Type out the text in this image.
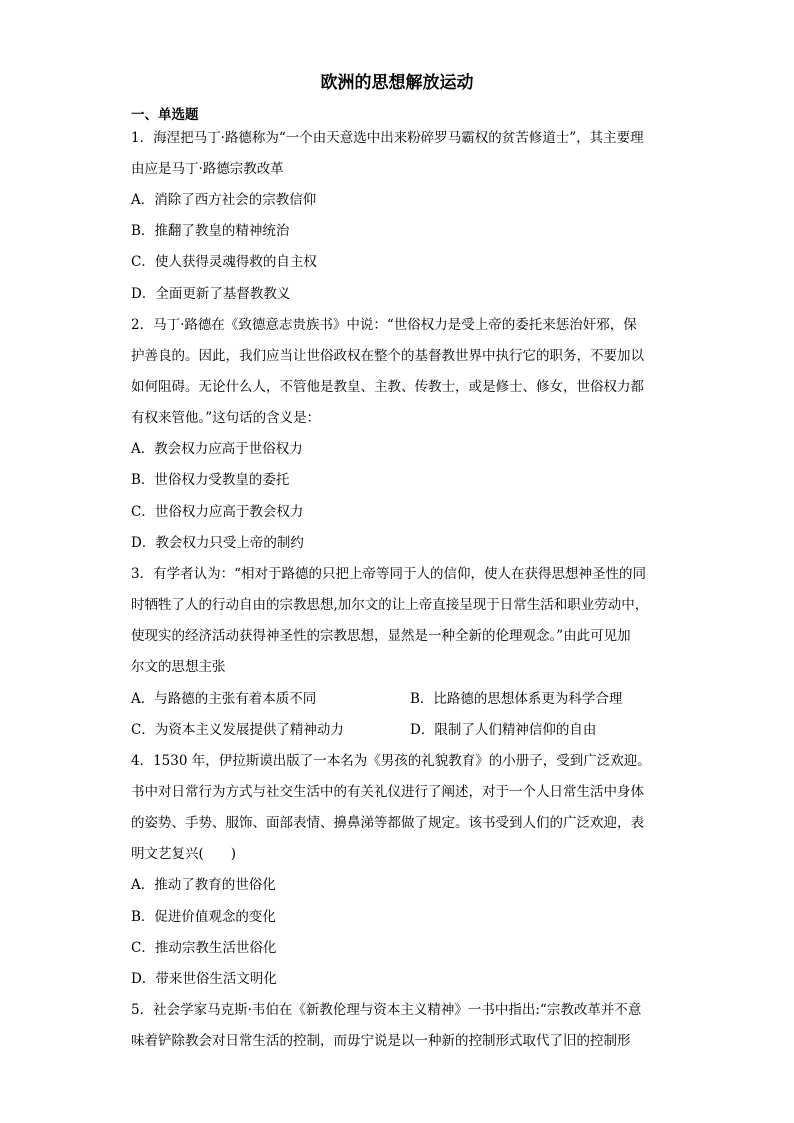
欧洲的思想解放运动
一、单选题
1．海涅把马丁·路德称为“一个由天意选中出来粉碎罗马霸权的贫苦修道士”，其主要理
由应是马丁·路德宗教改革
A．消除了西方社会的宗教信仰
B．推翻了教皇的精神统治
C．使人获得灵魂得救的自主权
D．全面更新了基督教教义
2．马丁·路德在《致德意志贵族书》中说：“世俗权力是受上帝的委托来惩治奸邪，保
护善良的。因此，我们应当让世俗政权在整个的基督教世界中执行它的职务，不要加以
如何阻碍。无论什么人，不管他是教皇、主教、传教士，或是修士、修女，世俗权力都
有权来管他。”这句话的含义是：
A．教会权力应高于世俗权力
B．世俗权力受教皇的委托
C．世俗权力应高于教会权力
D．教会权力只受上帝的制约
3．有学者认为：“相对于路德的只把上帝等同于人的信仰，使人在获得思想神圣性的同
时牺牲了人的行动自由的宗教思想,加尔文的让上帝直接呈现于日常生活和职业劳动中，
使现实的经济活动获得神圣性的宗教思想，显然是一种全新的伦理观念。”由此可见加
尔文的思想主张
A．与路德的主张有着本质不同	B．比路德的思想体系更为科学合理
C．为资本主义发展提供了精神动力	D．限制了人们精神信仰的自由
4．1530 年，伊拉斯谟出版了一本名为《男孩的礼貌教育》的小册子，受到广泛欢迎。
书中对日常行为方式与社交生活中的有关礼仪进行了阐述，对于一个人日常生活中身体
的姿势、手势、服饰、面部表情、擤鼻涕等都做了规定。该书受到人们的广泛欢迎，表
明文艺复兴(　　)
A．推动了教育的世俗化
B．促进价值观念的变化
C．推动宗教生活世俗化
D．带来世俗生活文明化
5．社会学家马克斯·韦伯在《新教伦理与资本主义精神》一书中指出:“宗教改革并不意
味着铲除教会对日常生活的控制，而毋宁说是以一种新的控制形式取代了旧的控制形
